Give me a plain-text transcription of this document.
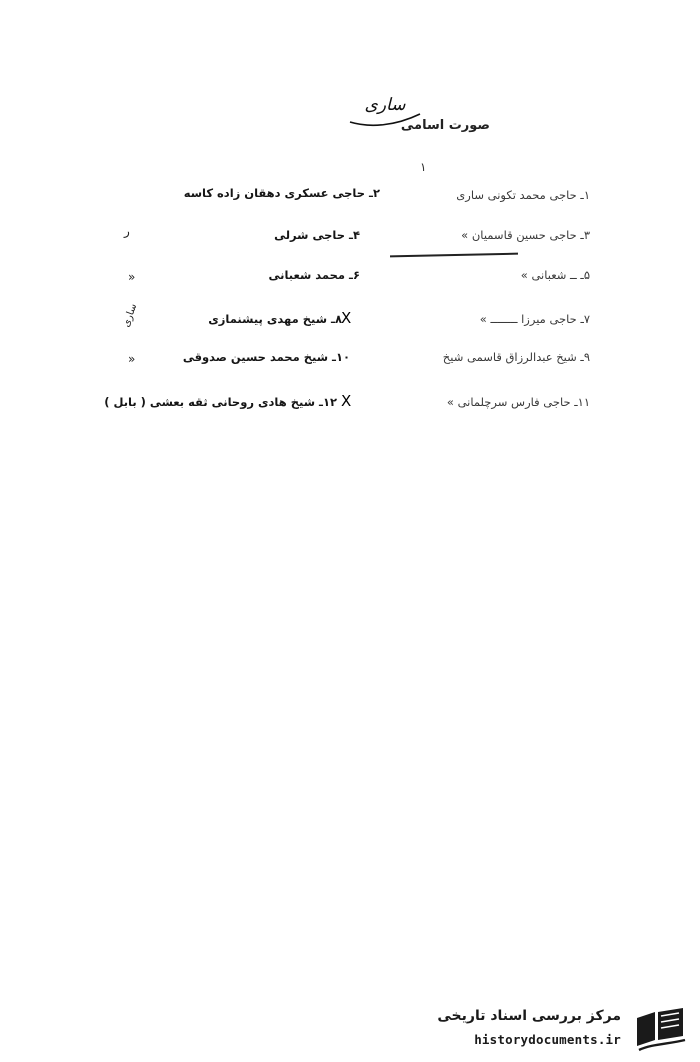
ساری
صورت اسامی
۱
۱ـ حاجی محمد تکونی ساری
۲ـ حاجی عسکری دهقان زاده کاسه
۳ـ حاجی حسین قاسمیان »
۴ـ حاجی شرلی
ر
۵ـ ــ شعبانی »
۶ـ محمد شعبانی
»
۷ـ حاجی میرزا ــــــــ »
۸ـ شیخ مهدی پیشنمازی X
ساری
۹ـ شیخ عبدالرزاق قاسمی شیخ
۱۰ـ شیخ محمد حسین صدوقی
»
۱۱ـ حاجی فارس سرچلمانی »
۱۲ـ شیخ هادی روحانی ثقه بعشی ( بابل ) X
مرکز بررسی اسناد تاریخی
historydocuments.ir
